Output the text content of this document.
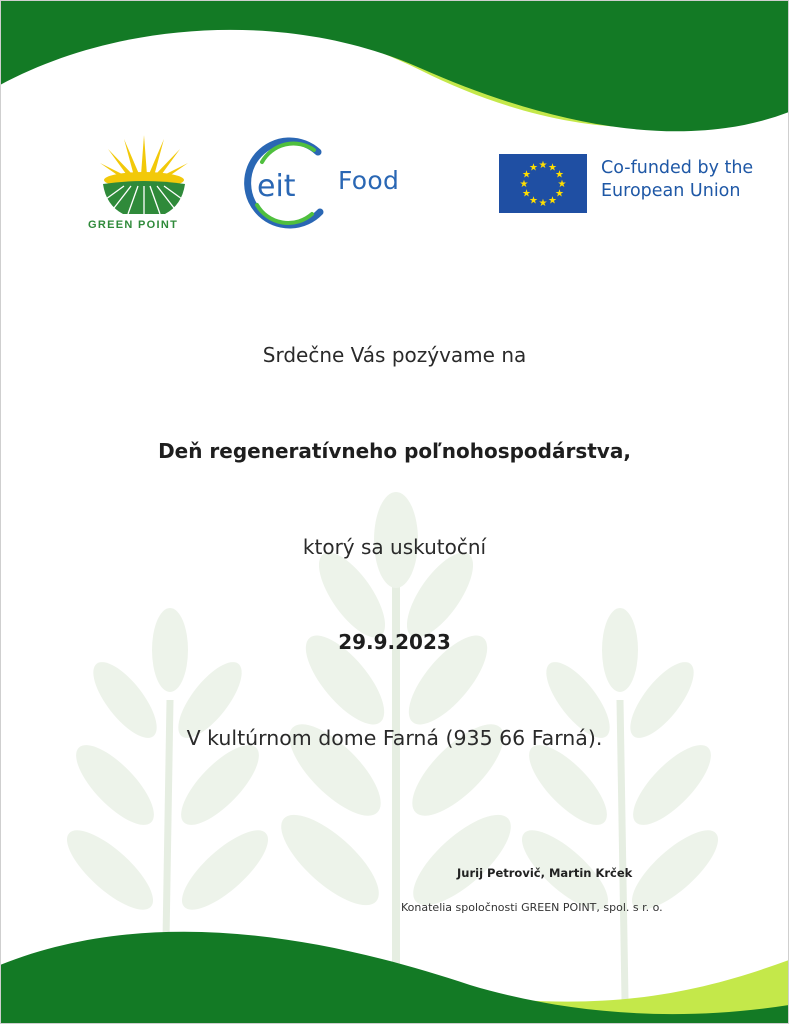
GREEN POINT
eit Food
★ ★
★
★
★
★
★
★
★
★
★
★	Co-funded by the
European Union
Srdečne Vás pozývame na
Deň regeneratívneho poľnohospodárstva,
ktorý sa uskutoční
29.9.2023
V kultúrnom dome Farná (935 66 Farná).
Jurij Petrovič, Martin Krček
Konatelia spoločnosti GREEN POINT, spol. s r. o.
